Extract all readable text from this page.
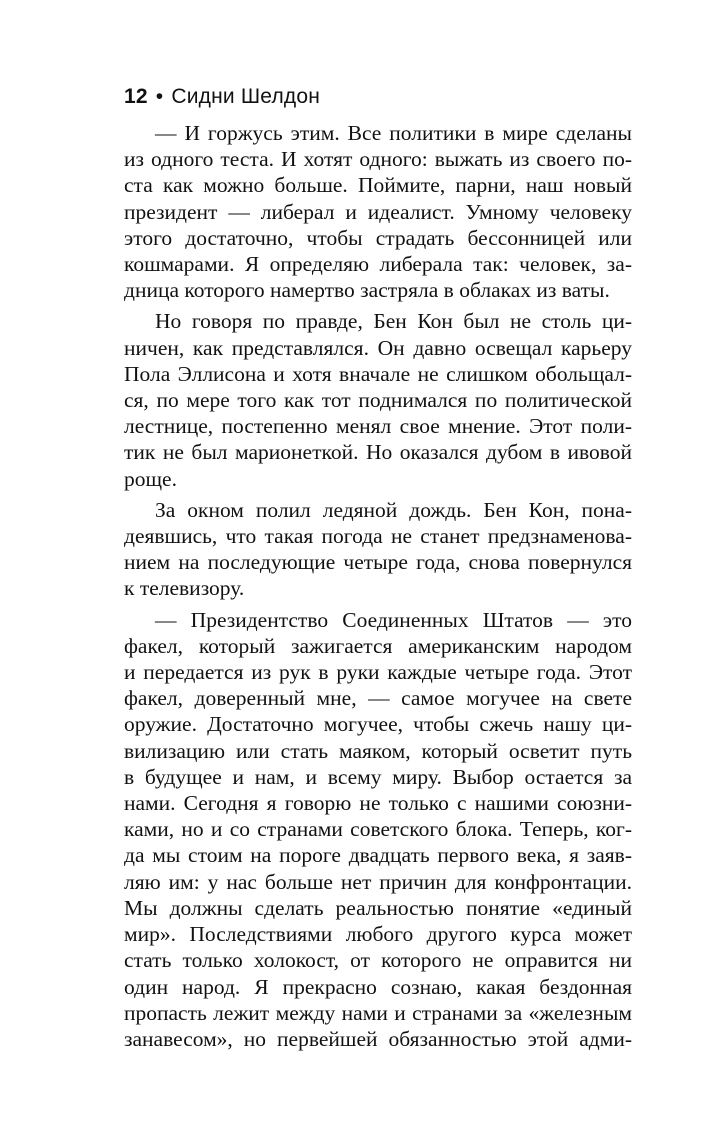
12 • Сидни Шелдон
— И горжусь этим. Все политики в мире сделаны
из одного теста. И хотят одного: выжать из своего по-
ста как можно больше. Поймите, парни, наш новый
президент — либерал и идеалист. Умному человеку
этого достаточно, чтобы страдать бессонницей или
кошмарами. Я определяю либерала так: человек, за-
дница которого намертво застряла в облаках из ваты.
Но говоря по правде, Бен Кон был не столь ци-
ничен, как представлялся. Он давно освещал карьеру
Пола Эллисона и хотя вначале не слишком обольщал-
ся, по мере того как тот поднимался по политической
лестнице, постепенно менял свое мнение. Этот поли-
тик не был марионеткой. Но оказался дубом в ивовой
роще.
За окном полил ледяной дождь. Бен Кон, пона-
деявшись, что такая погода не станет предзнаменова-
нием на последующие четыре года, снова повернулся
к телевизору.
— Президентство Соединенных Штатов — это
факел, который зажигается американским народом
и передается из рук в руки каждые четыре года. Этот
факел, доверенный мне, — самое могучее на свете
оружие. Достаточно могучее, чтобы сжечь нашу ци-
вилизацию или стать маяком, который осветит путь
в будущее и нам, и всему миру. Выбор остается за
нами. Сегодня я говорю не только с нашими союзни-
ками, но и со странами советского блока. Теперь, ког-
да мы стоим на пороге двадцать первого века, я заяв-
ляю им: у нас больше нет причин для конфронтации.
Мы должны сделать реальностью понятие «единый
мир». Последствиями любого другого курса может
стать только холокост, от которого не оправится ни
один народ. Я прекрасно сознаю, какая бездонная
пропасть лежит между нами и странами за «железным
занавесом», но первейшей обязанностью этой адми-
